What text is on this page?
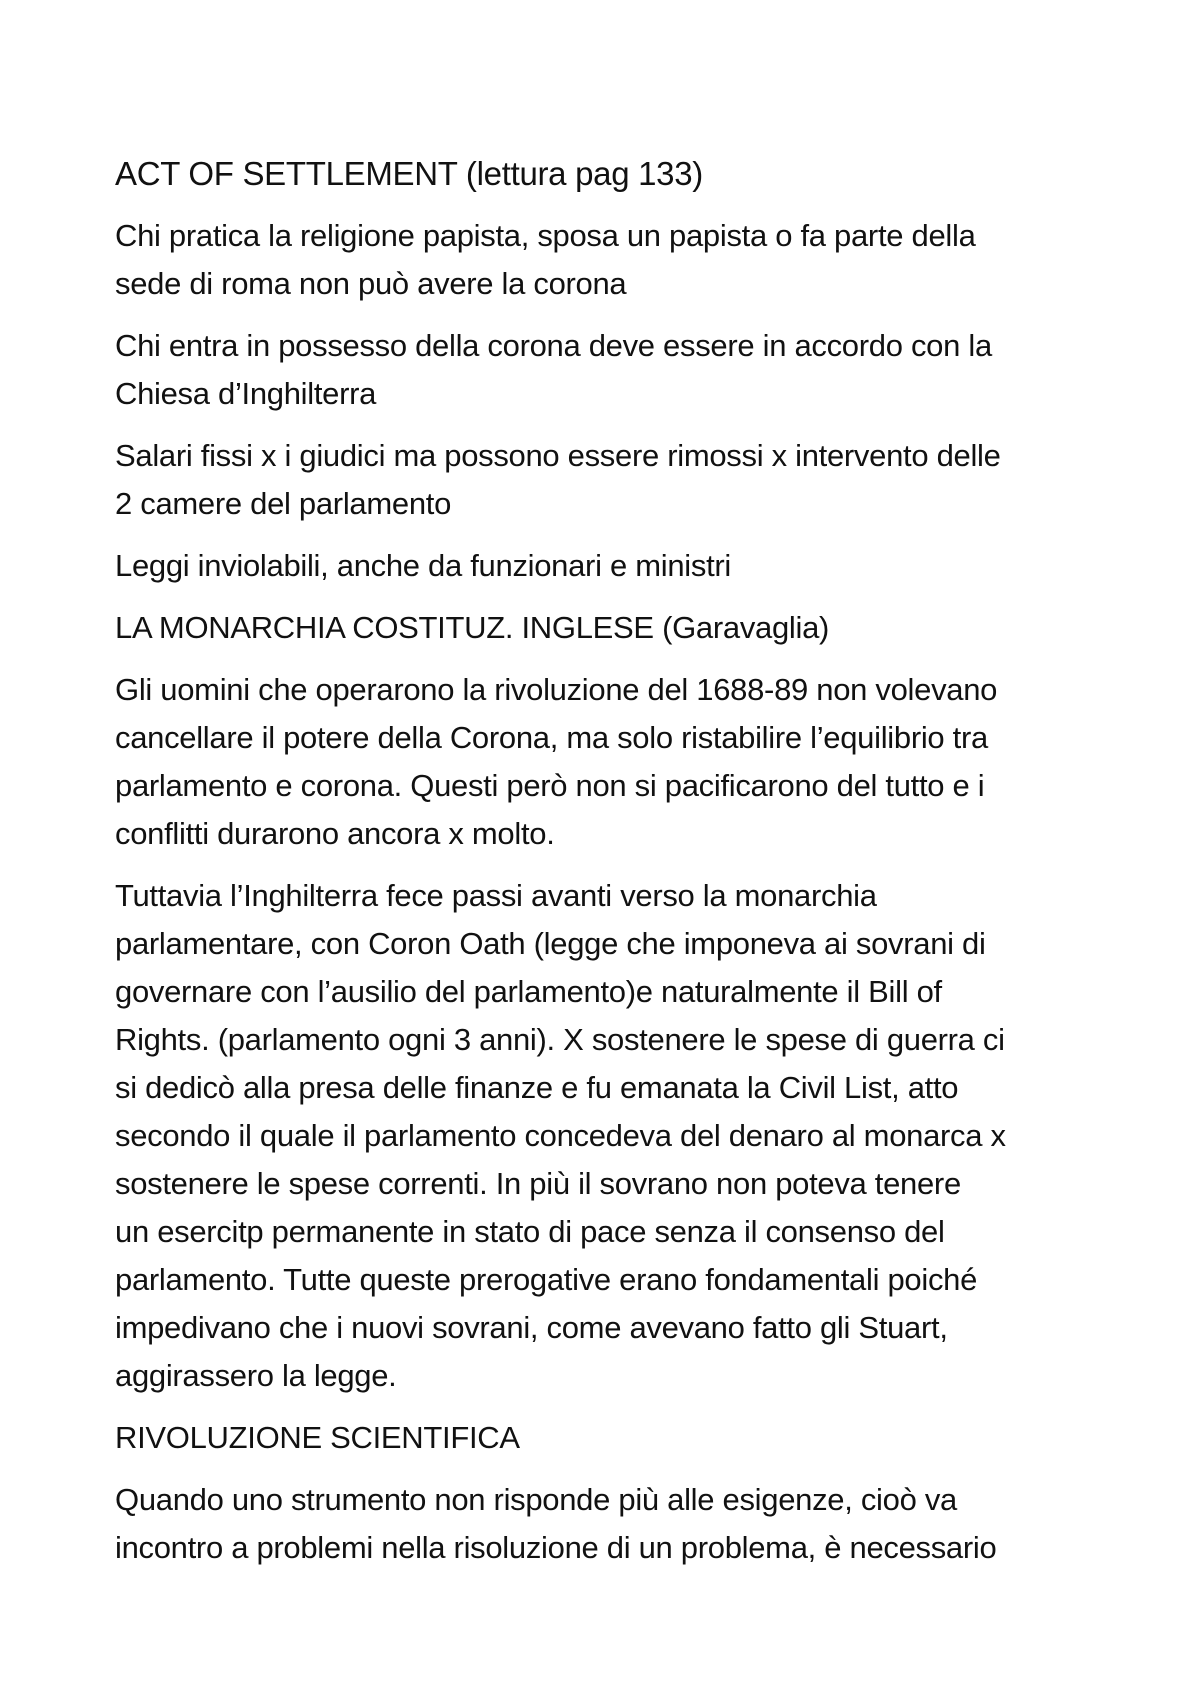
ACT OF SETTLEMENT (lettura pag 133)
Chi pratica la religione papista, sposa un papista o fa parte della
sede di roma non può avere la corona
Chi entra in possesso della corona deve essere in accordo con la
Chiesa d’Inghilterra
Salari fissi x i giudici ma possono essere rimossi x intervento delle
2 camere del parlamento
Leggi inviolabili, anche da funzionari e ministri
LA MONARCHIA COSTITUZ. INGLESE (Garavaglia)
Gli uomini che operarono la rivoluzione del 1688-89 non volevano
cancellare il potere della Corona, ma solo ristabilire l’equilibrio tra
parlamento e corona. Questi però non si pacificarono del tutto e i
conflitti durarono ancora x molto.
Tuttavia l’Inghilterra fece passi avanti verso la monarchia
parlamentare, con Coron Oath (legge che imponeva ai sovrani di
governare con l’ausilio del parlamento)e naturalmente il Bill of
Rights. (parlamento ogni 3 anni). X sostenere le spese di guerra ci
si dedicò alla presa delle finanze e fu emanata la Civil List, atto
secondo il quale il parlamento concedeva del denaro al monarca x
sostenere le spese correnti. In più il sovrano non poteva tenere
un esercitp permanente in stato di pace senza il consenso del
parlamento. Tutte queste prerogative erano fondamentali poiché
impedivano che i nuovi sovrani, come avevano fatto gli Stuart,
aggirassero la legge.
RIVOLUZIONE SCIENTIFICA
Quando uno strumento non risponde più alle esigenze, cioò va
incontro a problemi nella risoluzione di un problema, è necessario
